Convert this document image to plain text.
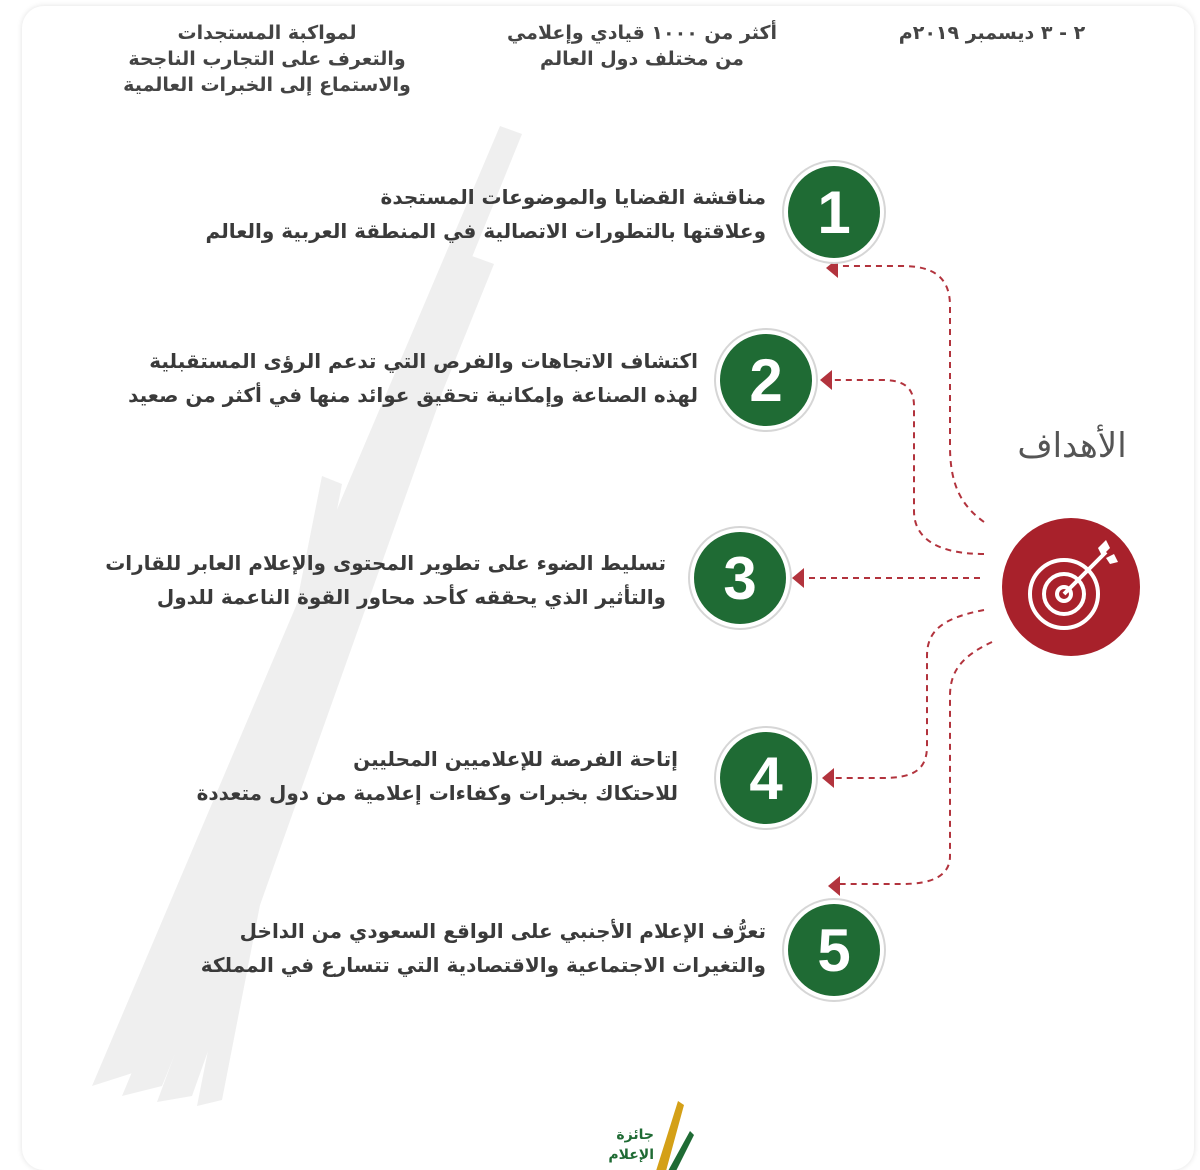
٢ - ٣ ديسمبر ٢٠١٩م
أكثر من ١٠٠٠ قيادي وإعلامي
من مختلف دول العالم
لمواكبة المستجدات
والتعرف على التجارب الناجحة
والاستماع إلى الخبرات العالمية
مناقشة القضايا والموضوعات المستجدة
وعلاقتها بالتطورات الاتصالية في المنطقة العربية والعالم 1
اكتشاف الاتجاهات والفرص التي تدعم الرؤى المستقبلية
لهذه الصناعة وإمكانية تحقيق عوائد منها في أكثر من صعيد 2
تسليط الضوء على تطوير المحتوى والإعلام العابر للقارات
والتأثير الذي يحققه كأحد محاور القوة الناعمة للدول 3
إتاحة الفرصة للإعلاميين المحليين
للاحتكاك بخبرات وكفاءات إعلامية من دول متعددة	4
تعرُّف الإعلام الأجنبي على الواقع السعودي من الداخل
والتغيرات الاجتماعية والاقتصادية التي تتسارع في المملكة 5
الأهداف
جائزة
الإعلام
